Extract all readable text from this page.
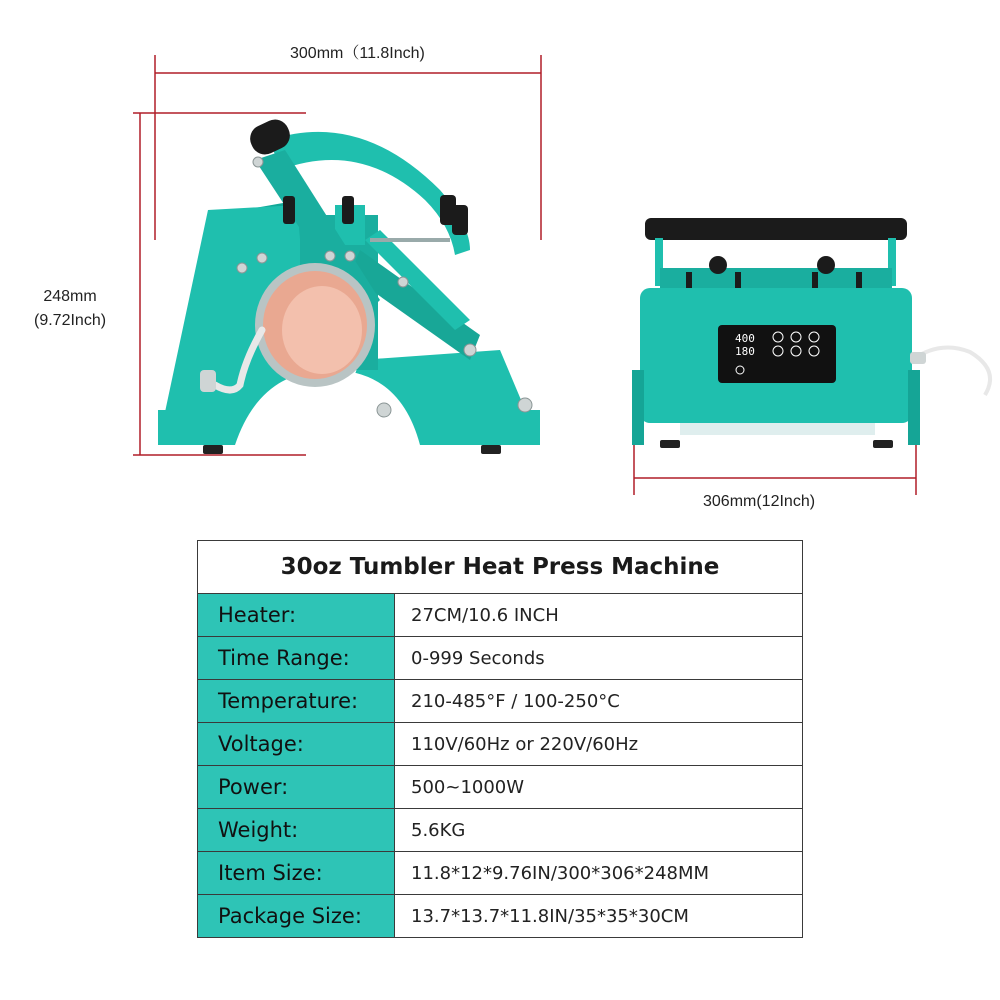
400
180
300mm（11.8Inch)
248mm
(9.72Inch)
306mm(12Inch)
30oz Tumbler Heat Press Machine	
Heater:	27CM/10.6 INCH
Time Range:	0-999 Seconds
Temperature:	210-485°F / 100-250°C
Voltage:	110V/60Hz or 220V/60Hz
Power:	500~1000W
Weight:	5.6KG
Item Size:	11.8*12*9.76IN/300*306*248MM
Package Size:	13.7*13.7*11.8IN/35*35*30CM
